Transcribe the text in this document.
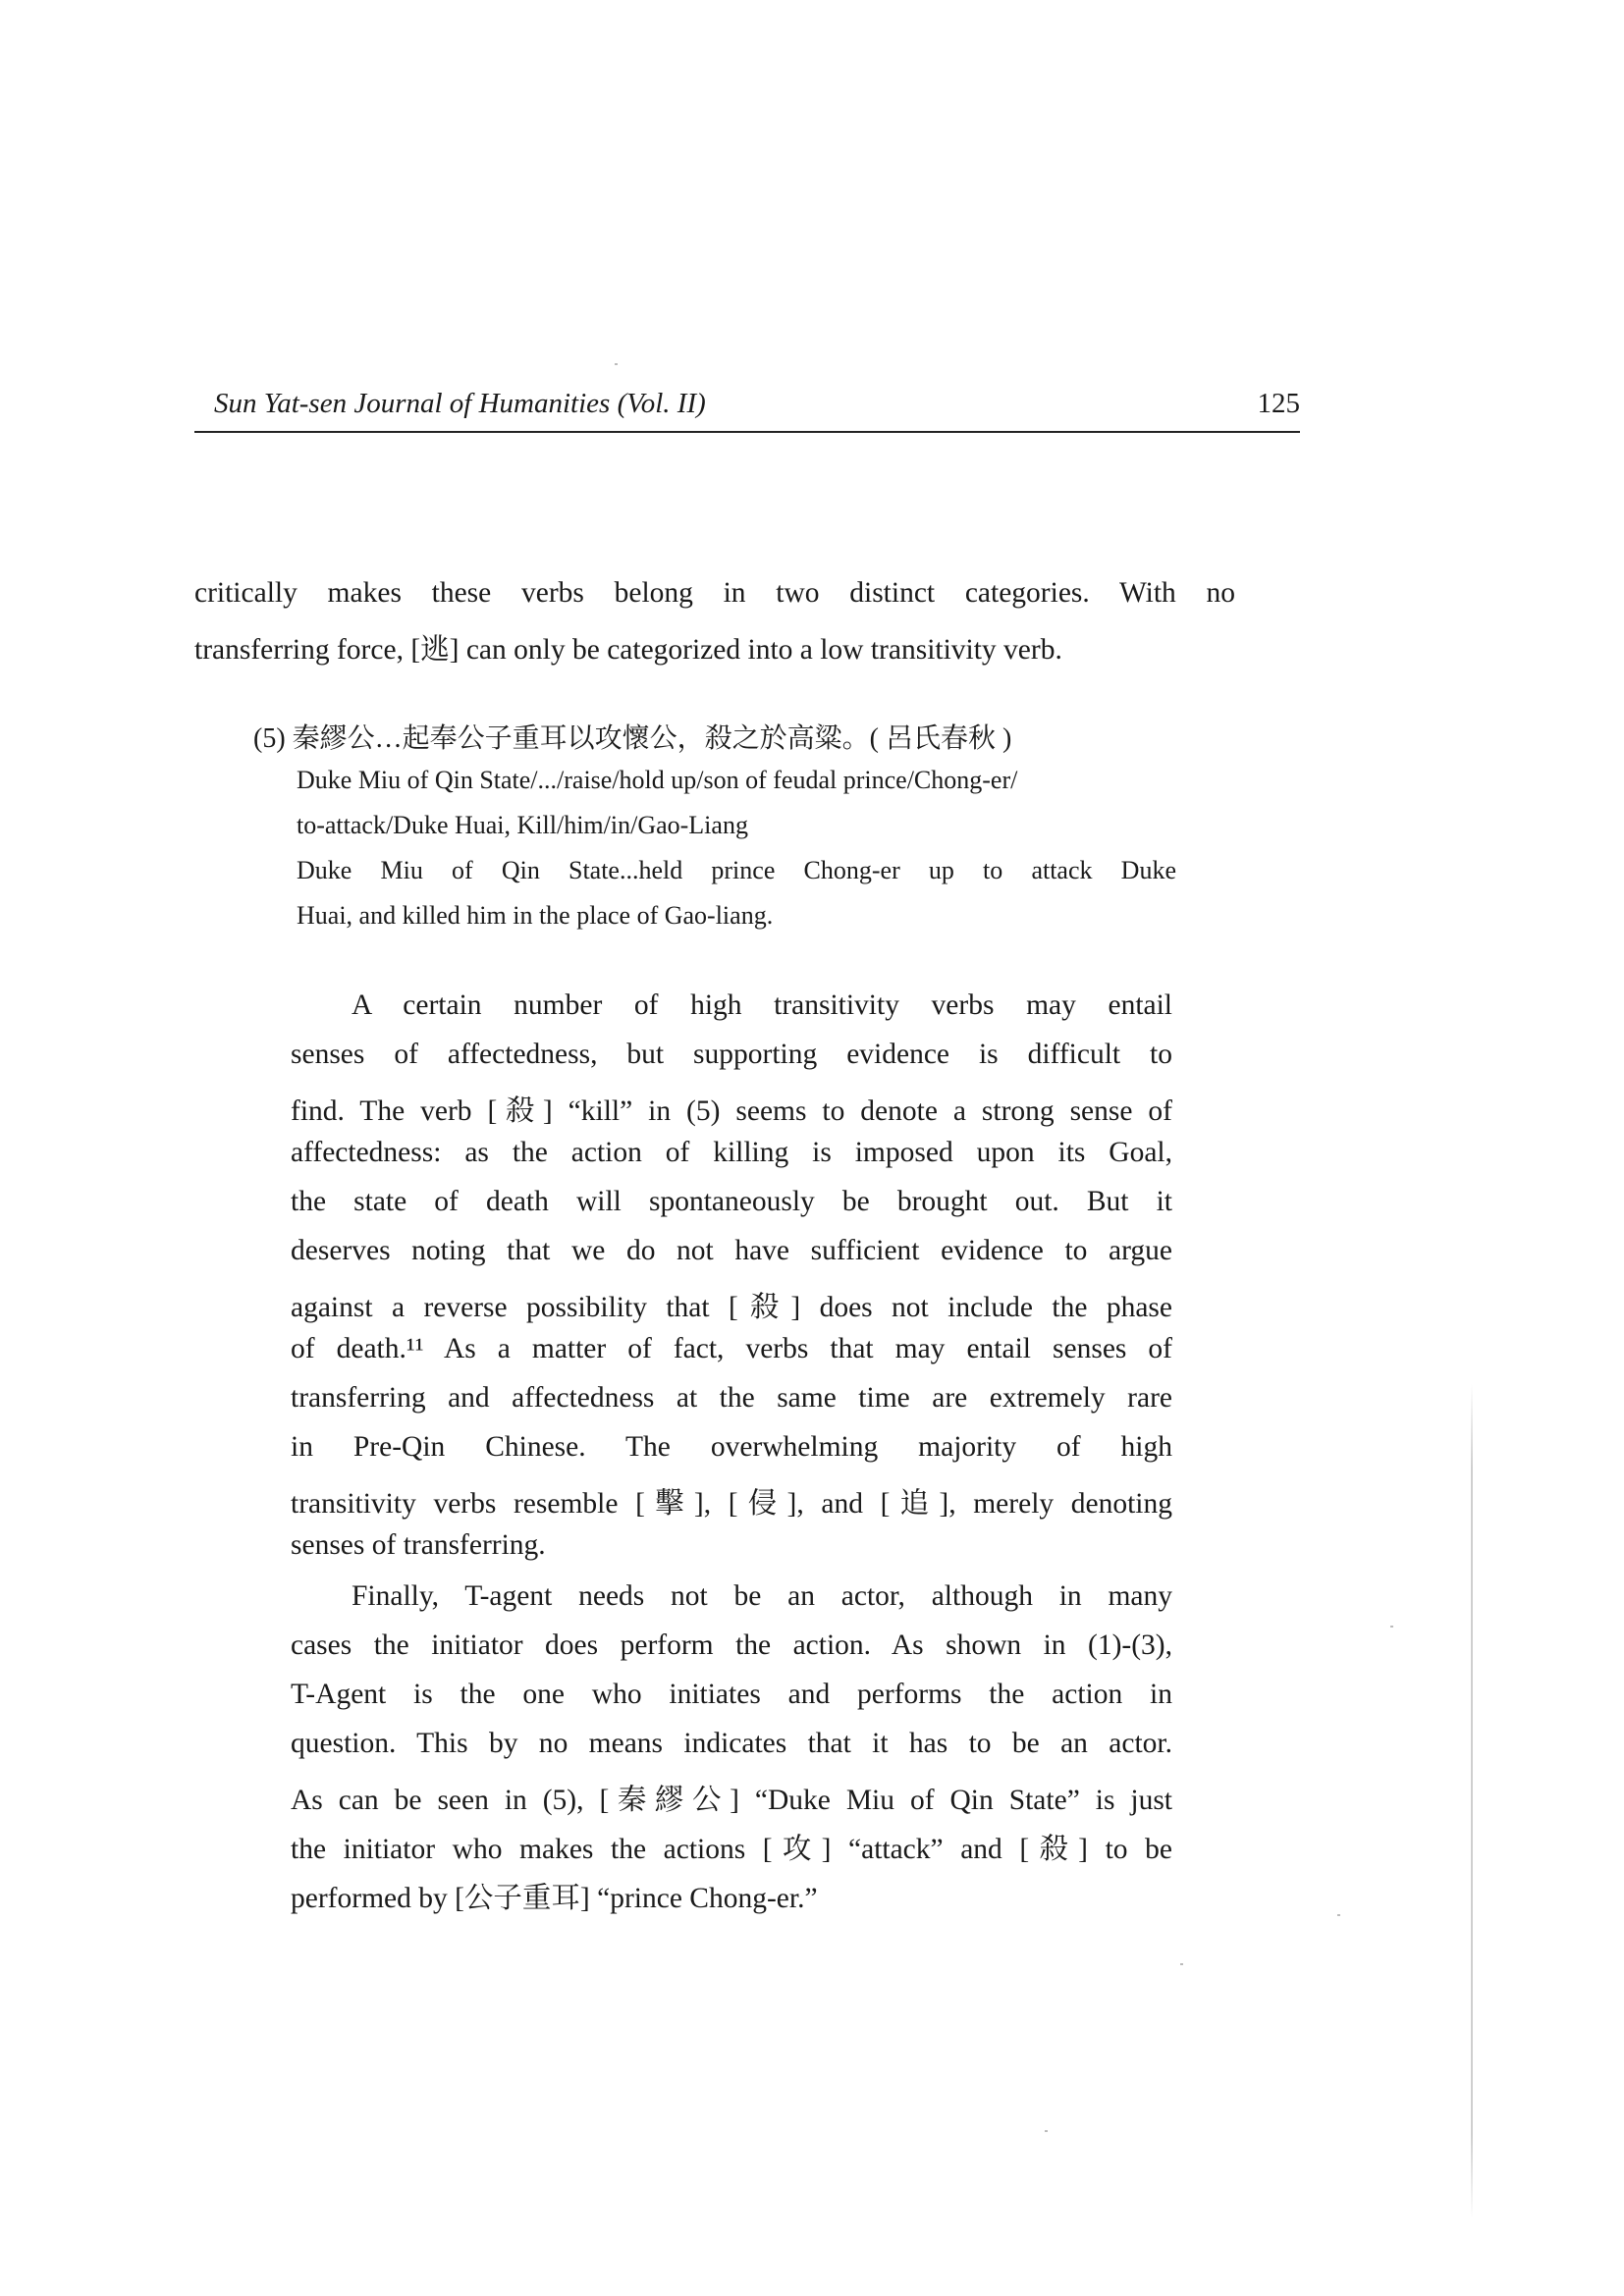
Sun Yat-sen Journal of Humanities (Vol. II)	125
critically makes these verbs belong in two distinct categories. With no
transferring force, [逃] can only be categorized into a low transitivity verb.
(5) 秦繆公…起奉公子重耳以攻懷公，殺之於高粱。( 呂氏春秋 )
Duke Miu of Qin State/.../raise/hold up/son of feudal prince/Chong-er/
to-attack/Duke Huai, Kill/him/in/Gao-Liang
Duke Miu of Qin State...held prince Chong-er up to attack Duke
Huai, and killed him in the place of Gao-liang.
A certain number of high transitivity verbs may entail
senses of affectedness, but supporting evidence is difficult to
find. The verb [殺] “kill” in (5) seems to denote a strong sense of
affectedness: as the action of killing is imposed upon its Goal,
the state of death will spontaneously be brought out. But it
deserves noting that we do not have sufficient evidence to argue
against a reverse possibility that [殺] does not include the phase
of death.¹¹ As a matter of fact, verbs that may entail senses of
transferring and affectedness at the same time are extremely rare
in Pre-Qin Chinese. The overwhelming majority of high
transitivity verbs resemble [擊], [侵], and [追], merely denoting
senses of transferring.
Finally, T-agent needs not be an actor, although in many
cases the initiator does perform the action. As shown in (1)-(3),
T-Agent is the one who initiates and performs the action in
question. This by no means indicates that it has to be an actor.
As can be seen in (5), [秦繆公] “Duke Miu of Qin State” is just
the initiator who makes the actions [攻] “attack” and [殺] to be
performed by [公子重耳] “prince Chong-er.”
